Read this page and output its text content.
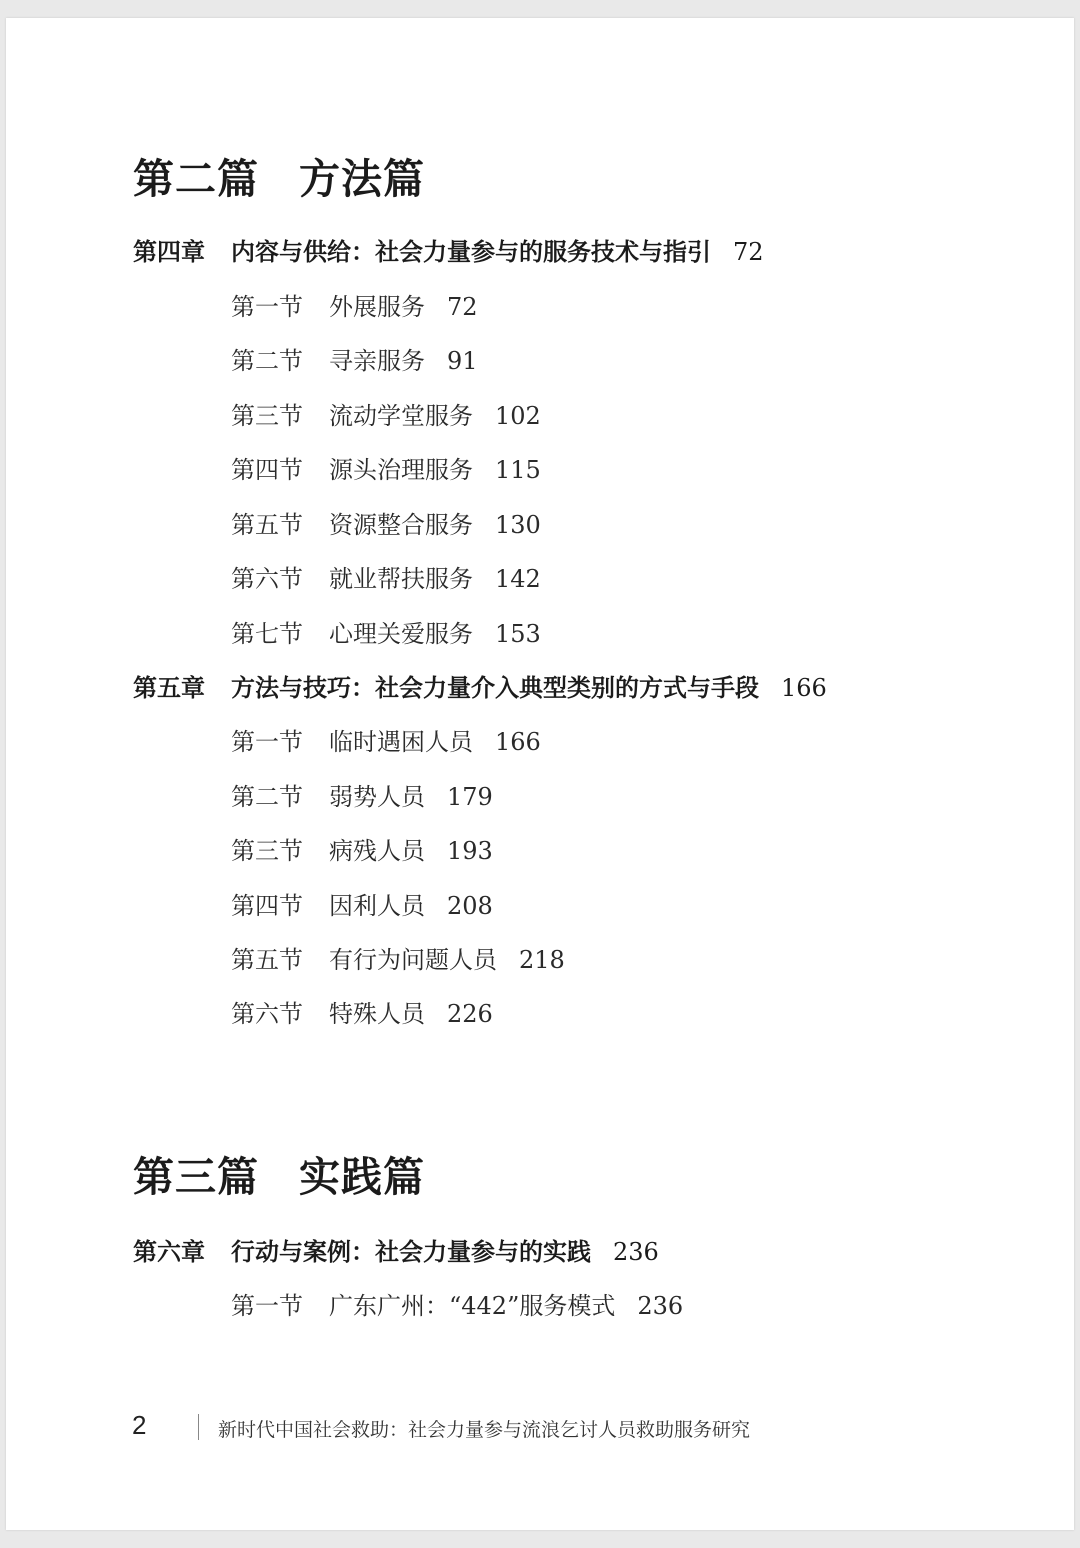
第二篇 方法篇
第四章 内容与供给：社会力量参与的服务技术与指引 72
第一节 外展服务 72
第二节 寻亲服务 91
第三节 流动学堂服务 102
第四节 源头治理服务 115
第五节 资源整合服务 130
第六节 就业帮扶服务 142
第七节 心理关爱服务 153
第五章 方法与技巧：社会力量介入典型类别的方式与手段 166
第一节 临时遇困人员 166
第二节 弱势人员 179
第三节 病残人员 193
第四节 因利人员 208
第五节 有行为问题人员 218
第六节 特殊人员 226
第三篇 实践篇
第六章 行动与案例：社会力量参与的实践 236
第一节 广东广州：“442”服务模式 236
2	新时代中国社会救助：社会力量参与流浪乞讨人员救助服务研究
